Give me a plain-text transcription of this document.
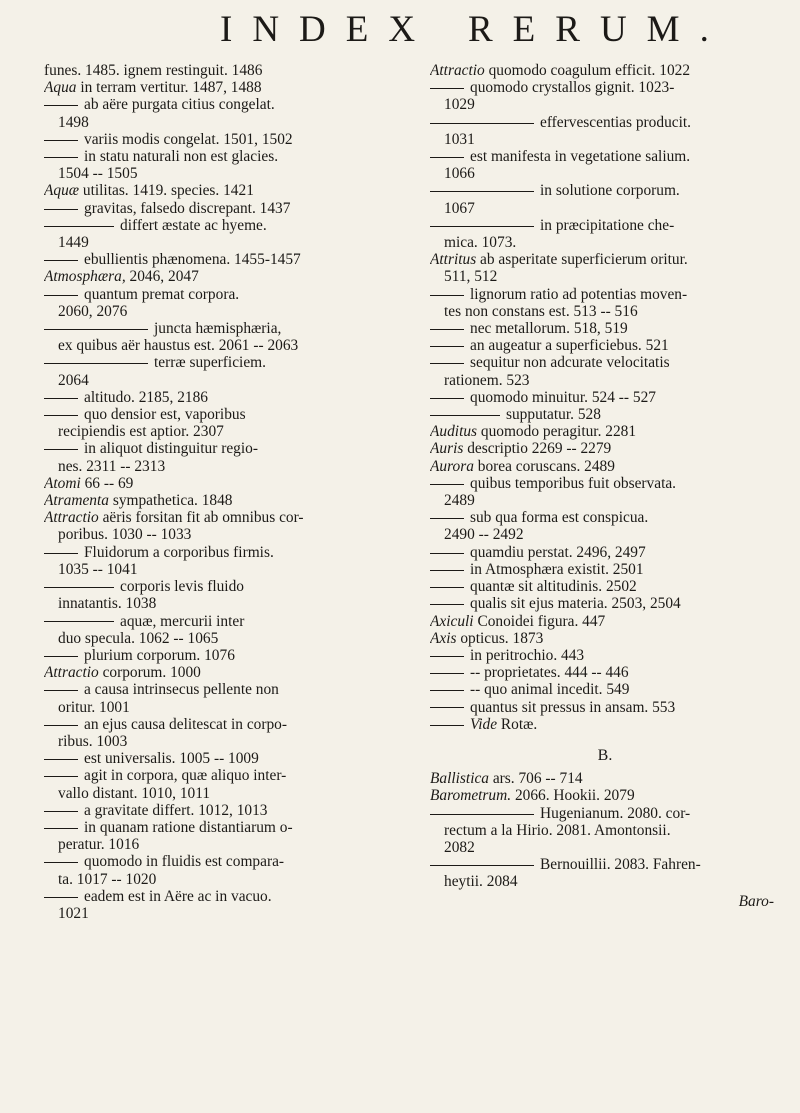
INDEX RERUM.
funes. 1485. ignem restinguit. 1486
Aqua in terram vertitur. 1487, 1488
ab aëre purgata citius congelat.
1498
variis modis congelat. 1501, 1502
in statu naturali non est glacies.
1504 -- 1505
Aquæ utilitas. 1419. species. 1421
gravitas, falsedo discrepant. 1437
differt æstate ac hyeme.
1449
ebullientis phænomena. 1455-1457
Atmosphæra, 2046, 2047
quantum premat corpora.
2060, 2076
juncta hæmisphæria,
ex quibus aër haustus est. 2061 -- 2063
terræ superficiem.
2064
altitudo. 2185, 2186
quo densior est, vaporibus
recipiendis est aptior. 2307
in aliquot distinguitur regio-
nes. 2311 -- 2313
Atomi 66 -- 69
Atramenta sympathetica. 1848
Attractio aëris forsitan fit ab omnibus cor-
poribus. 1030 -- 1033
Fluidorum a corporibus firmis.
1035 -- 1041
corporis levis fluido
innatantis. 1038
aquæ, mercurii inter
duo specula. 1062 -- 1065
plurium corporum. 1076
Attractio corporum. 1000
a causa intrinsecus pellente non
oritur. 1001
an ejus causa delitescat in corpo-
ribus. 1003
est universalis. 1005 -- 1009
agit in corpora, quæ aliquo inter-
vallo distant. 1010, 1011
a gravitate differt. 1012, 1013
in quanam ratione distantiarum o-
peratur. 1016
quomodo in fluidis est compara-
ta. 1017 -- 1020
eadem est in Aëre ac in vacuo.
1021
Attractio quomodo coagulum efficit. 1022
quomodo crystallos gignit. 1023-
1029
effervescentias producit.
1031
est manifesta in vegetatione salium.
1066
in solutione corporum.
1067
in præcipitatione che-
mica. 1073.
Attritus ab asperitate superficierum oritur.
511, 512
lignorum ratio ad potentias moven-
tes non constans est. 513 -- 516
nec metallorum. 518, 519
an augeatur a superficiebus. 521
sequitur non adcurate velocitatis
rationem. 523
quomodo minuitur. 524 -- 527
supputatur. 528
Auditus quomodo peragitur. 2281
Auris descriptio 2269 -- 2279
Aurora borea coruscans. 2489
quibus temporibus fuit observata.
2489
sub qua forma est conspicua.
2490 -- 2492
quamdiu perstat. 2496, 2497
in Atmosphæra existit. 2501
quantæ sit altitudinis. 2502
qualis sit ejus materia. 2503, 2504
Axiculi Conoidei figura. 447
Axis opticus. 1873
in peritrochio. 443
-- proprietates. 444 -- 446
-- quo animal incedit. 549
quantus sit pressus in ansam. 553
Vide Rotæ.
B.
Ballistica ars. 706 -- 714
Barometrum. 2066. Hookii. 2079
Hugenianum. 2080. cor-
rectum a la Hirio. 2081. Amontonsii.
2082
Bernouillii. 2083. Fahren-
heytii. 2084
Baro-
